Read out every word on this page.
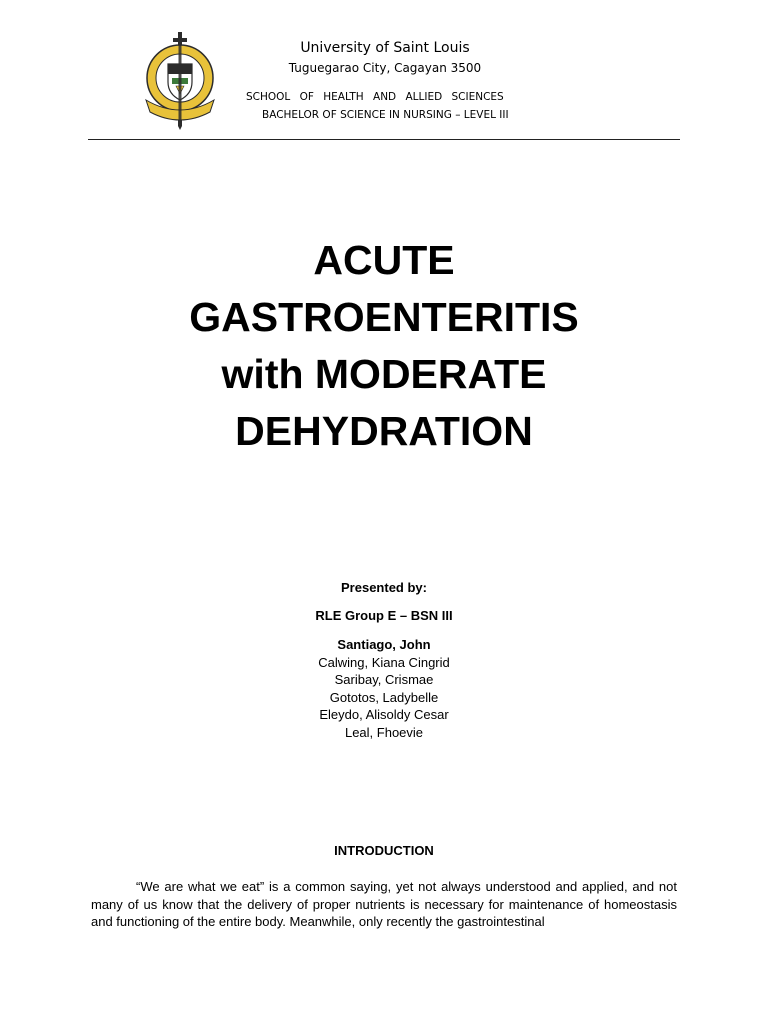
University of Saint Louis
Tuguegarao City, Cagayan 3500
SCHOOL OF HEALTH AND ALLIED SCIENCES
BACHELOR OF SCIENCE IN NURSING – LEVEL III
ACUTE
GASTROENTERITIS
with MODERATE
DEHYDRATION
Presented by:
RLE Group E – BSN III
Santiago, John
Calwing, Kiana Cingrid
Saribay, Crismae
Gototos, Ladybelle
Eleydo, Alisoldy Cesar
Leal, Fhoevie
INTRODUCTION
“We are what we eat” is a common saying, yet not always understood and applied, and not many of us know that the delivery of proper nutrients is necessary for maintenance of homeostasis and functioning of the entire body. Meanwhile, only recently the gastrointestinal
